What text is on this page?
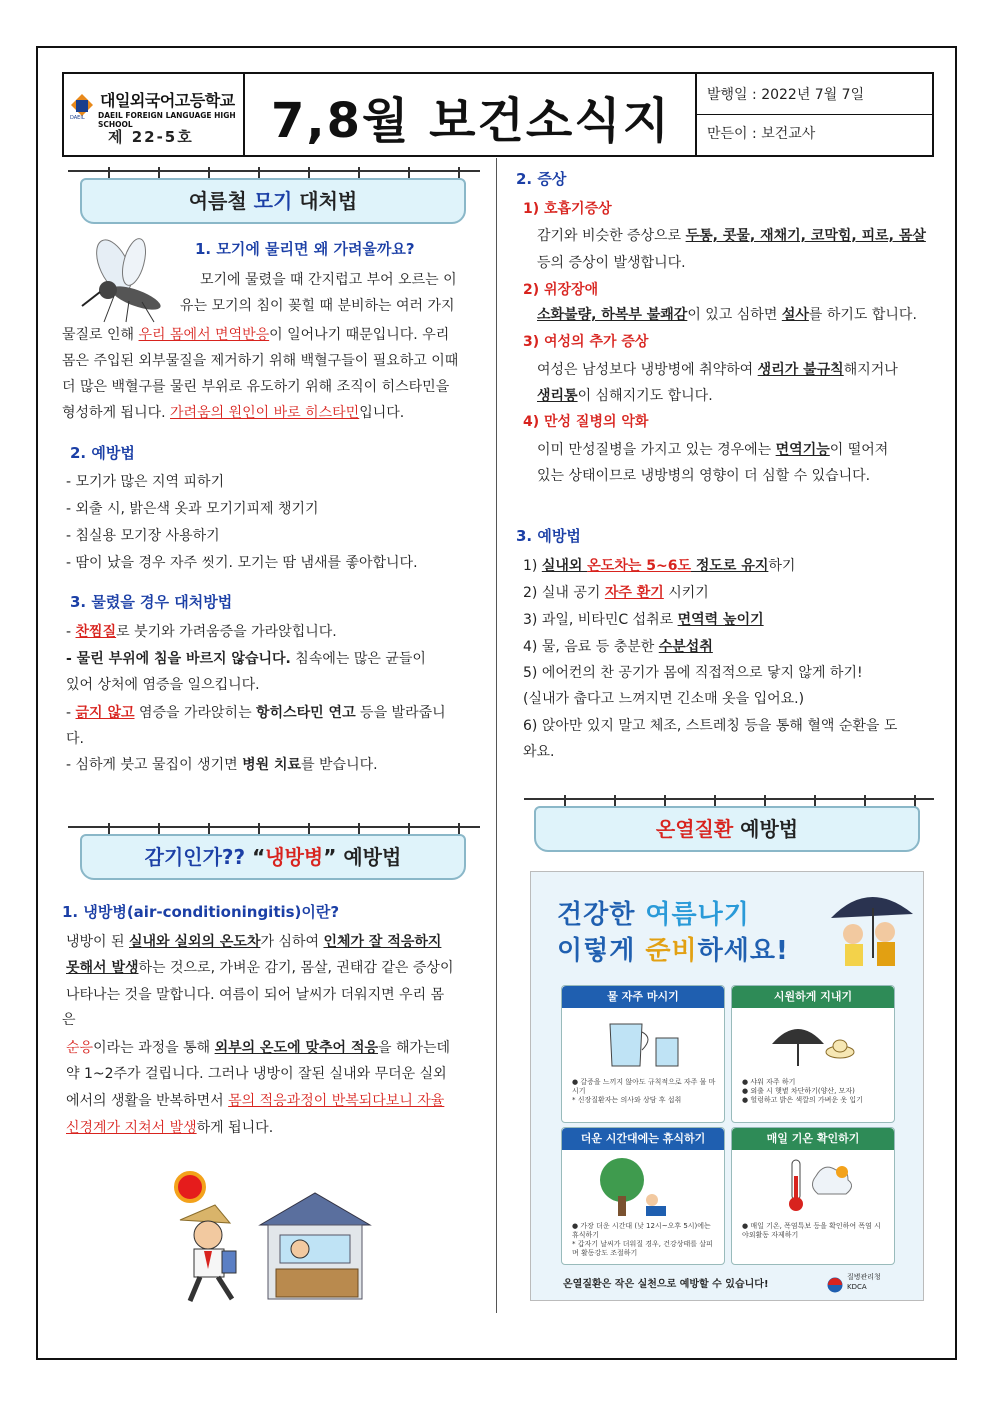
DAEIL
대일외국어고등학교
DAEIL FOREIGN LANGUAGE HIGH SCHOOL
제 22-5호	7,8월 보건소식지	발행일 : 2022년 7월 7일
만든이 : 보건교사
여름철 모기 대처법
1. 모기에 물리면 왜 가려울까요?
모기에 물렸을 때 간지럽고 부어 오르는 이
유는 모기의 침이 꽂힐 때 분비하는 여러 가지
물질로 인해 우리 몸에서 면역반응이 일어나기 때문입니다. 우리
몸은 주입된 외부물질을 제거하기 위해 백혈구들이 필요하고 이때
더 많은 백혈구를 물린 부위로 유도하기 위해 조직이 히스타민을
형성하게 됩니다. 가려움의 원인이 바로 히스타민입니다.
2. 예방법
- 모기가 많은 지역 피하기
- 외출 시, 밝은색 옷과 모기기피제 챙기기
- 침실용 모기장 사용하기
- 땀이 났을 경우 자주 씻기. 모기는 땀 냄새를 좋아합니다.
3. 물렸을 경우 대처방법
- 찬찜질로 붓기와 가려움증을 가라앉힙니다.
- 물린 부위에 침을 바르지 않습니다. 침속에는 많은 균들이
있어 상처에 염증을 일으킵니다.
- 긁지 않고 염증을 가라앉히는 항히스타민 연고 등을 발라줍니
다.
- 심하게 붓고 물집이 생기면 병원 치료를 받습니다.
감기인가?? “냉방병” 예방법
1. 냉방병(air-conditioningitis)이란?
냉방이 된 실내와 실외의 온도차가 심하여 인체가 잘 적응하지
못해서 발생하는 것으로, 가벼운 감기, 몸살, 권태감 같은 증상이
나타나는 것을 말합니다. 여름이 되어 날씨가 더워지면 우리 몸
은
순응이라는 과정을 통해 외부의 온도에 맞추어 적응을 해가는데
약 1~2주가 걸립니다. 그러나 냉방이 잘된 실내와 무더운 실외
에서의 생활을 반복하면서 몸의 적응과정이 반복되다보니 자율
신경계가 지쳐서 발생하게 됩니다.
2. 증상
1) 호흡기증상
감기와 비슷한 증상으로 두통, 콧물, 재채기, 코막힘, 피로, 몸살
등의 증상이 발생합니다.
2) 위장장애
소화불량, 하복부 불쾌감이 있고 심하면 설사를 하기도 합니다.
3) 여성의 추가 증상
여성은 남성보다 냉방병에 취약하여 생리가 불규칙해지거나
생리통이 심해지기도 합니다.
4) 만성 질병의 악화
이미 만성질병을 가지고 있는 경우에는 면역기능이 떨어져
있는 상태이므로 냉방병의 영향이 더 심할 수 있습니다.
3. 예방법
1) 실내외 온도차는 5~6도 정도로 유지하기
2) 실내 공기 자주 환기 시키기
3) 과일, 비타민C 섭취로 면역력 높이기
4) 물, 음료 등 충분한 수분섭취
5) 에어컨의 찬 공기가 몸에 직접적으로 닿지 않게 하기!
(실내가 춥다고 느껴지면 긴소매 옷을 입어요.)
6) 앉아만 있지 말고 체조, 스트레칭 등을 통해 혈액 순환을 도
와요.
온열질환 예방법
건강한 여름나기
이렇게 준비하세요!
물 자주 마시기
● 갈증을 느끼지 않아도 규칙적으로 자주 물 마시기
* 신장질환자는 의사와 상담 후 섭취
시원하게 지내기
● 샤워 자주 하기
● 외출 시 햇볕 차단하기(양산, 모자)
● 헐렁하고 밝은 색깔의 가벼운 옷 입기
더운 시간대에는 휴식하기
● 가장 더운 시간대 (낮 12시~오후 5시)에는 휴식하기
* 갑자기 날씨가 더워질 경우, 건강상태를 살피며 활동강도 조절하기
매일 기온 확인하기
● 매일 기온, 폭염특보 등을 확인하여 폭염 시 야외활동 자제하기
온열질환은 작은 실천으로 예방할 수 있습니다!
질병관리청
KDCA
